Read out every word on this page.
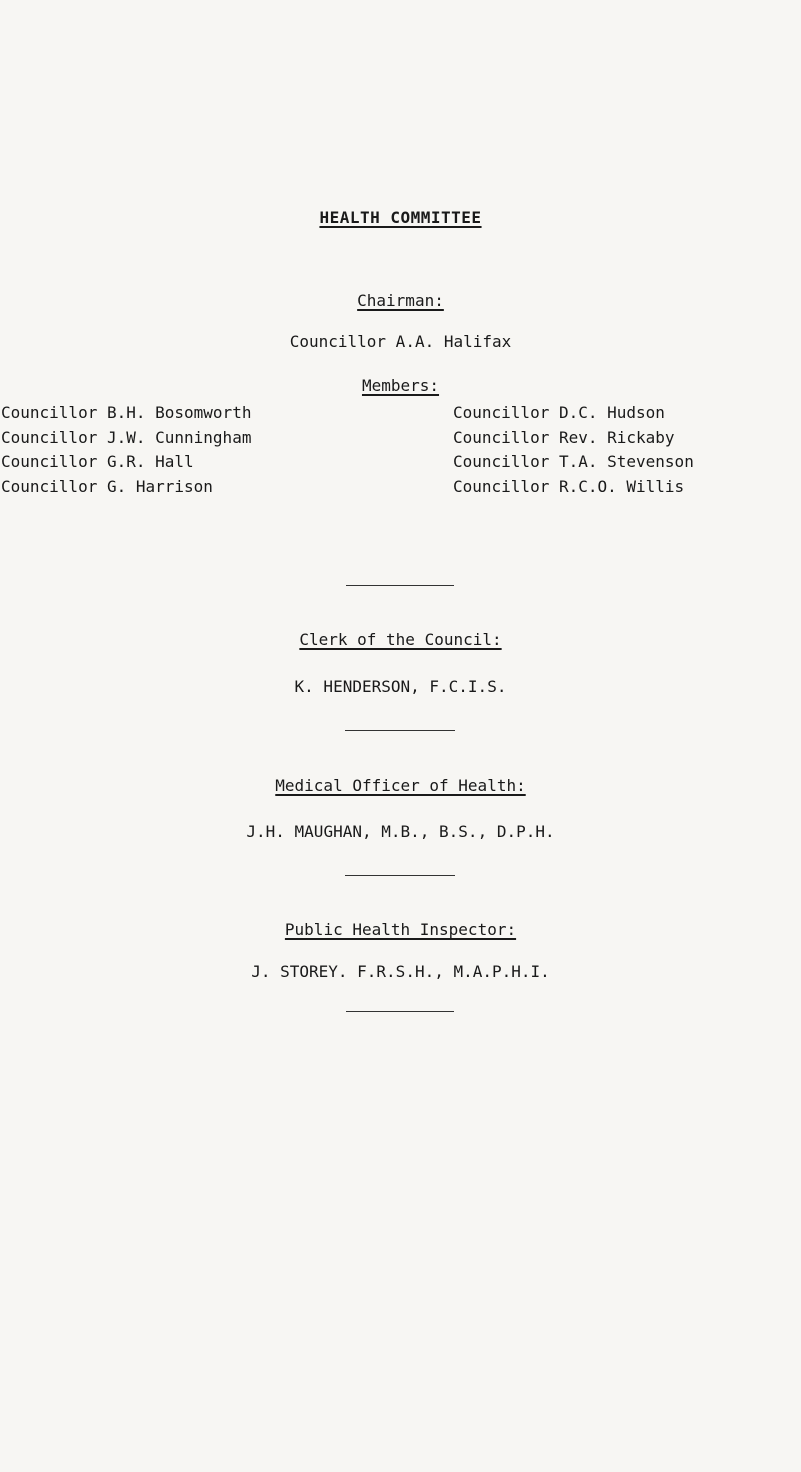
HEALTH COMMITTEE
Chairman:
Councillor A.A. Halifax
Members:
Councillor B.H. Bosomworth
Councillor J.W. Cunningham
Councillor G.R. Hall
Councillor G. Harrison
Councillor D.C. Hudson
Councillor Rev. Rickaby
Councillor T.A. Stevenson
Councillor R.C.O. Willis
Clerk of the Council:
K. HENDERSON, F.C.I.S.
Medical Officer of Health:
J.H. MAUGHAN, M.B., B.S., D.P.H.
Public Health Inspector:
J. STOREY. F.R.S.H., M.A.P.H.I.
